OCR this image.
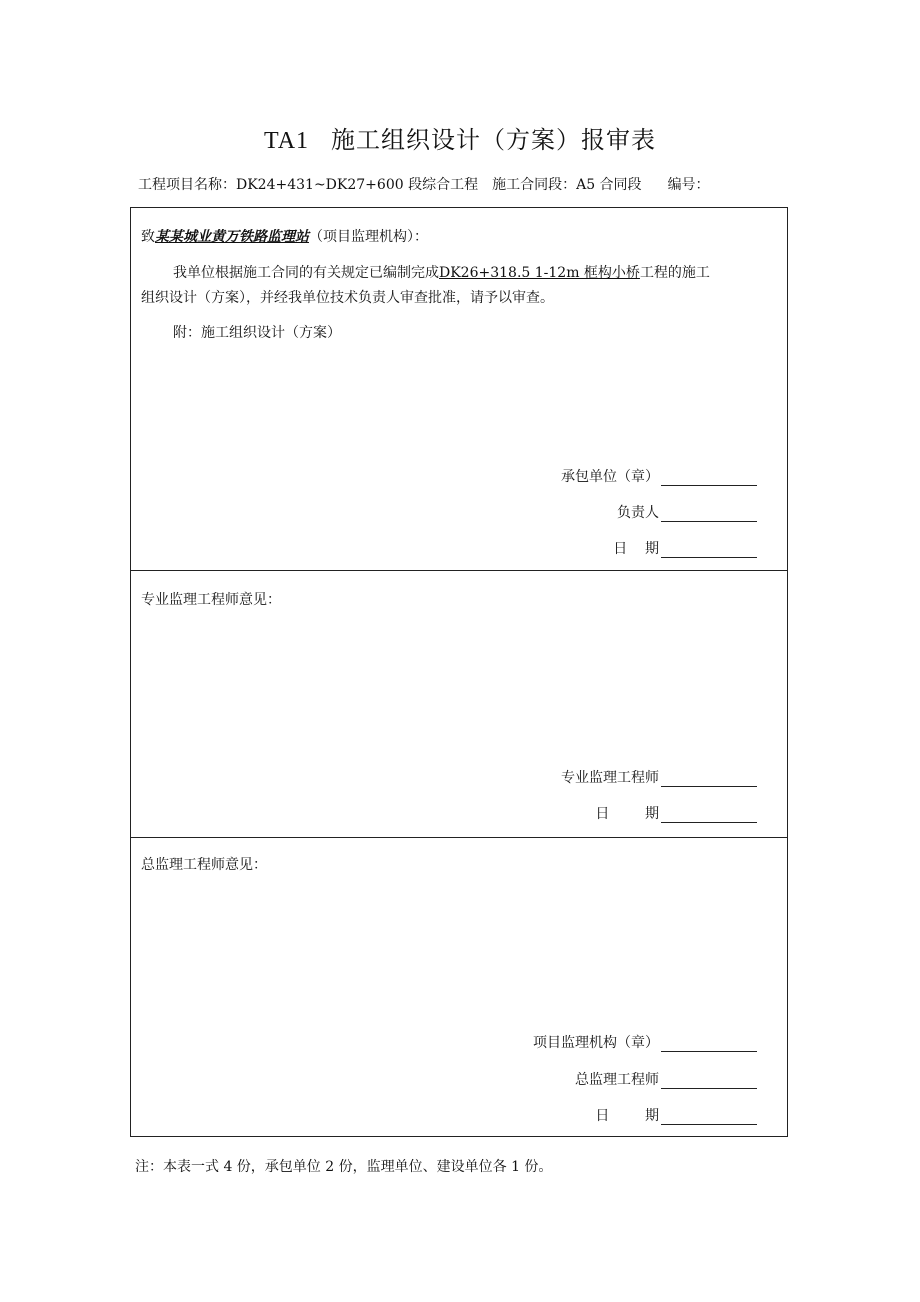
TA1 施工组织设计（方案）报审表
工程项目名称：DK24+431~DK27+600 段综合工程 施工合同段：A5 合同段 编号：
致某某城业黄万铁路监理站（项目监理机构）：
我单位根据施工合同的有关规定已编制完成DK26+318.5 1-12m 框构小桥工程的施工
组织设计（方案），并经我单位技术负责人审查批准，请予以审查。
附：施工组织设计（方案）
承包单位（章）
负责人
日    期
专业监理工程师意见：
专业监理工程师
日        期
总监理工程师意见：
项目监理机构（章）
总监理工程师
日        期
注：本表一式 4 份，承包单位 2 份，监理单位、建设单位各 1 份。
